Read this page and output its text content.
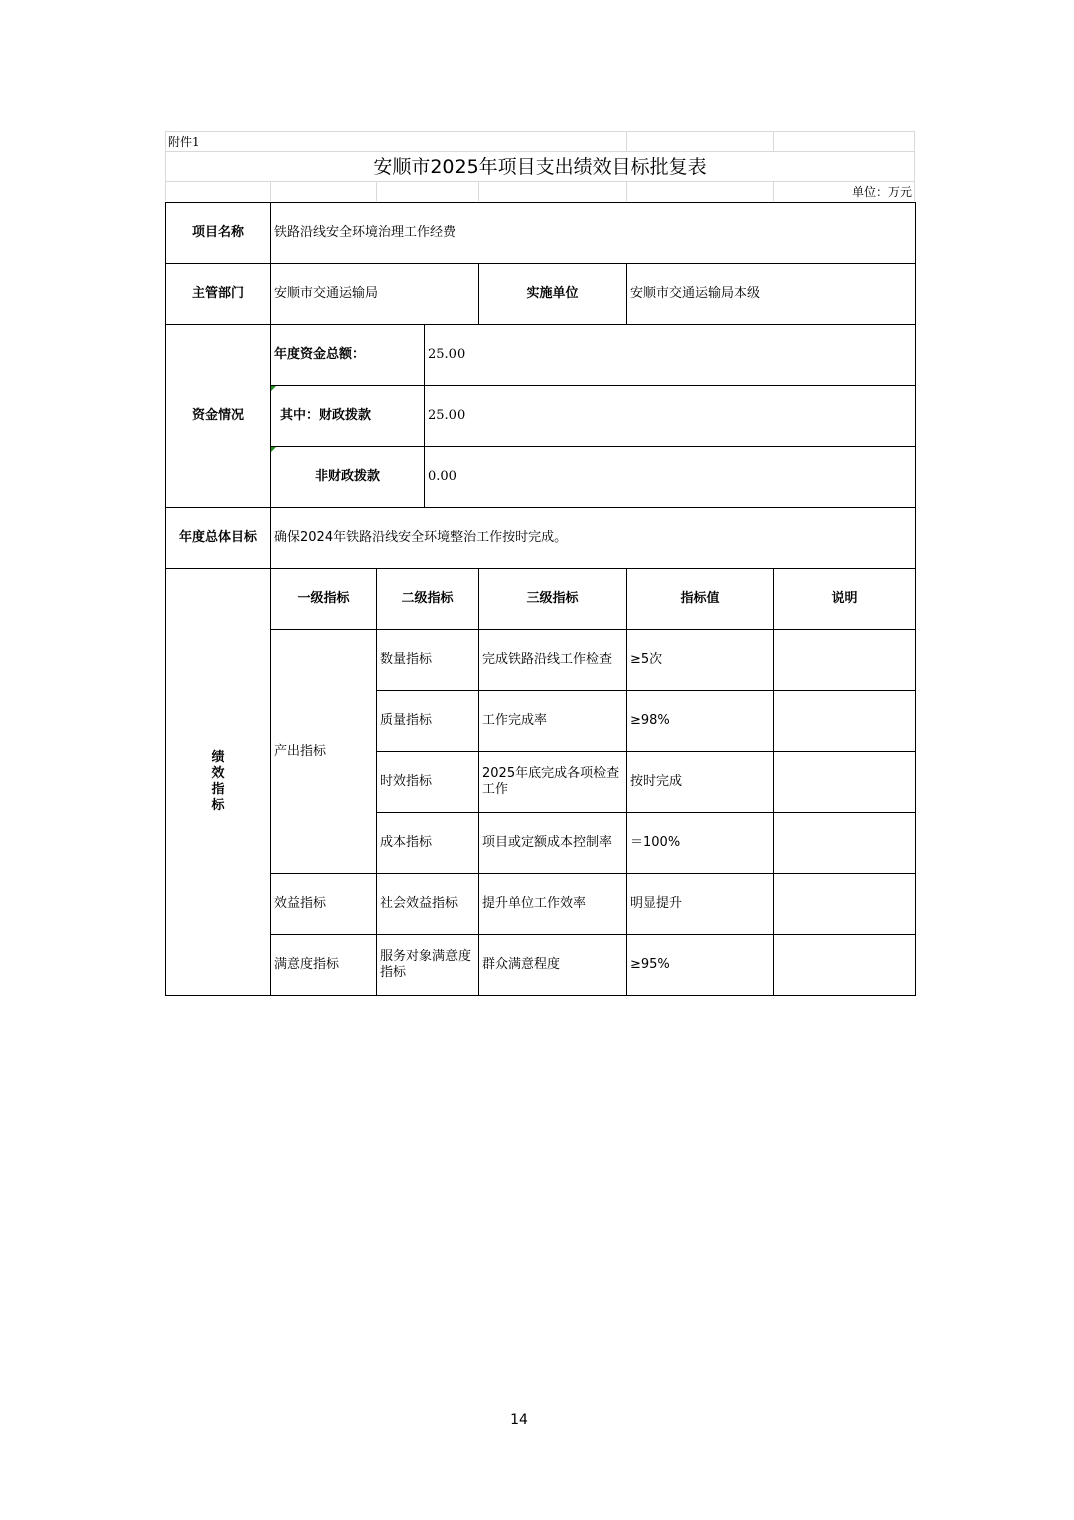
附件1
安顺市2025年项目支出绩效目标批复表
单位：万元
项目名称	铁路沿线安全环境治理工作经费					
主管部门	安顺市交通运输局			实施单位	安顺市交通运输局本级	
资金情况	年度资金总额：		25.00			
	其中：财政拨款		25.00			
	非财政拨款		0.00			
年度总体目标	确保2024年铁路沿线安全环境整治工作按时完成。					
绩
效
指
标	一级指标	二级指标		三级指标	指标值	说明
	产出指标	数量指标		完成铁路沿线工作检查	≥5次	
		质量指标		工作完成率	≥98%	
		时效指标		2025年底完成各项检查工作	按时完成	
		成本指标		项目或定额成本控制率	＝100%	
	效益指标	社会效益指标		提升单位工作效率	明显提升	
	满意度指标	服务对象满意度指标		群众满意程度	≥95%	
14
